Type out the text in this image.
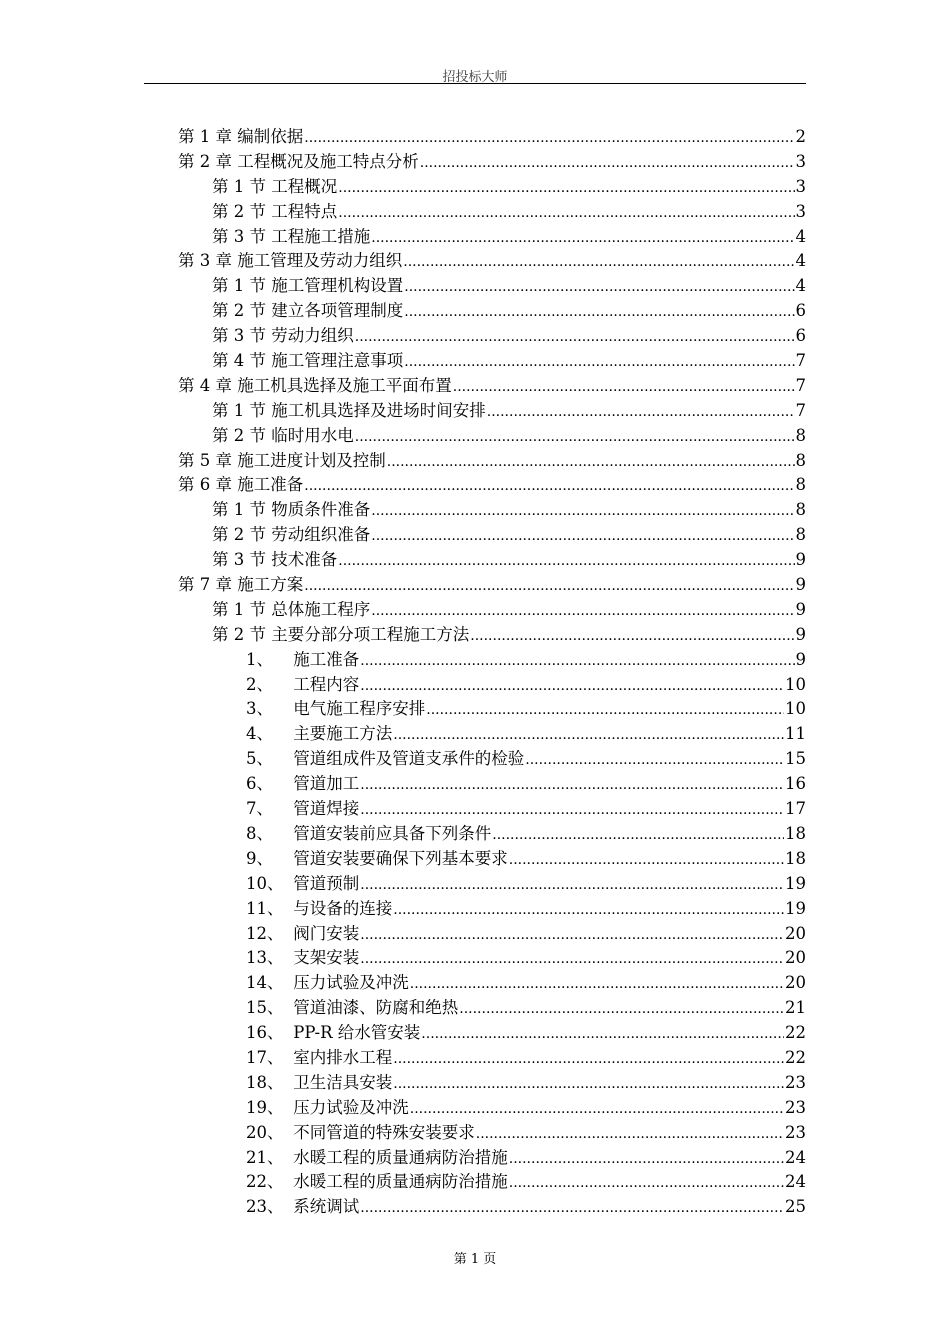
招投标大师
第 1 章 编制依据 .....	2
第 2 章 工程概况及施工特点分析 .....	3
第 1 节 工程概况 .....	3
第 2 节 工程特点 .....	3
第 3 节 工程施工措施 .....	4
第 3 章 施工管理及劳动力组织 .....	4
第 1 节 施工管理机构设置 .....	4
第 2 节 建立各项管理制度 .....	6
第 3 节 劳动力组织 .....	6
第 4 节 施工管理注意事项 .....	7
第 4 章 施工机具选择及施工平面布置 .....	7
第 1 节 施工机具选择及进场时间安排 .....	7
第 2 节 临时用水电 .....	8
第 5 章 施工进度计划及控制 .....	8
第 6 章 施工准备 .....	8
第 1 节 物质条件准备 .....	8
第 2 节 劳动组织准备 .....	8
第 3 节 技术准备 .....	9
第 7 章 施工方案 .....	9
第 1 节 总体施工程序 .....	9
第 2 节 主要分部分项工程施工方法 .....	9
1、 施工准备 .....	9
2、 工程内容 .....	10
3、 电气施工程序安排 .....	10
4、 主要施工方法 .....	11
5、 管道组成件及管道支承件的检验 .....	15
6、 管道加工 .....	16
7、 管道焊接 .....	17
8、 管道安装前应具备下列条件 .....	18
9、 管道安装要确保下列基本要求 .....	18
10、 管道预制 .....	19
11、 与设备的连接 .....	19
12、 阀门安装 .....	20
13、 支架安装 .....	20
14、 压力试验及冲洗 .....	20
15、 管道油漆、防腐和绝热 .....	21
16、 PP-R 给水管安装 .....	22
17、 室内排水工程 .....	22
18、 卫生洁具安装 .....	23
19、 压力试验及冲洗 .....	23
20、 不同管道的特殊安装要求 .....	23
21、 水暖工程的质量通病防治措施 .....	24
22、 水暖工程的质量通病防治措施 .....	24
23、 系统调试 .....	25
第 1 页
